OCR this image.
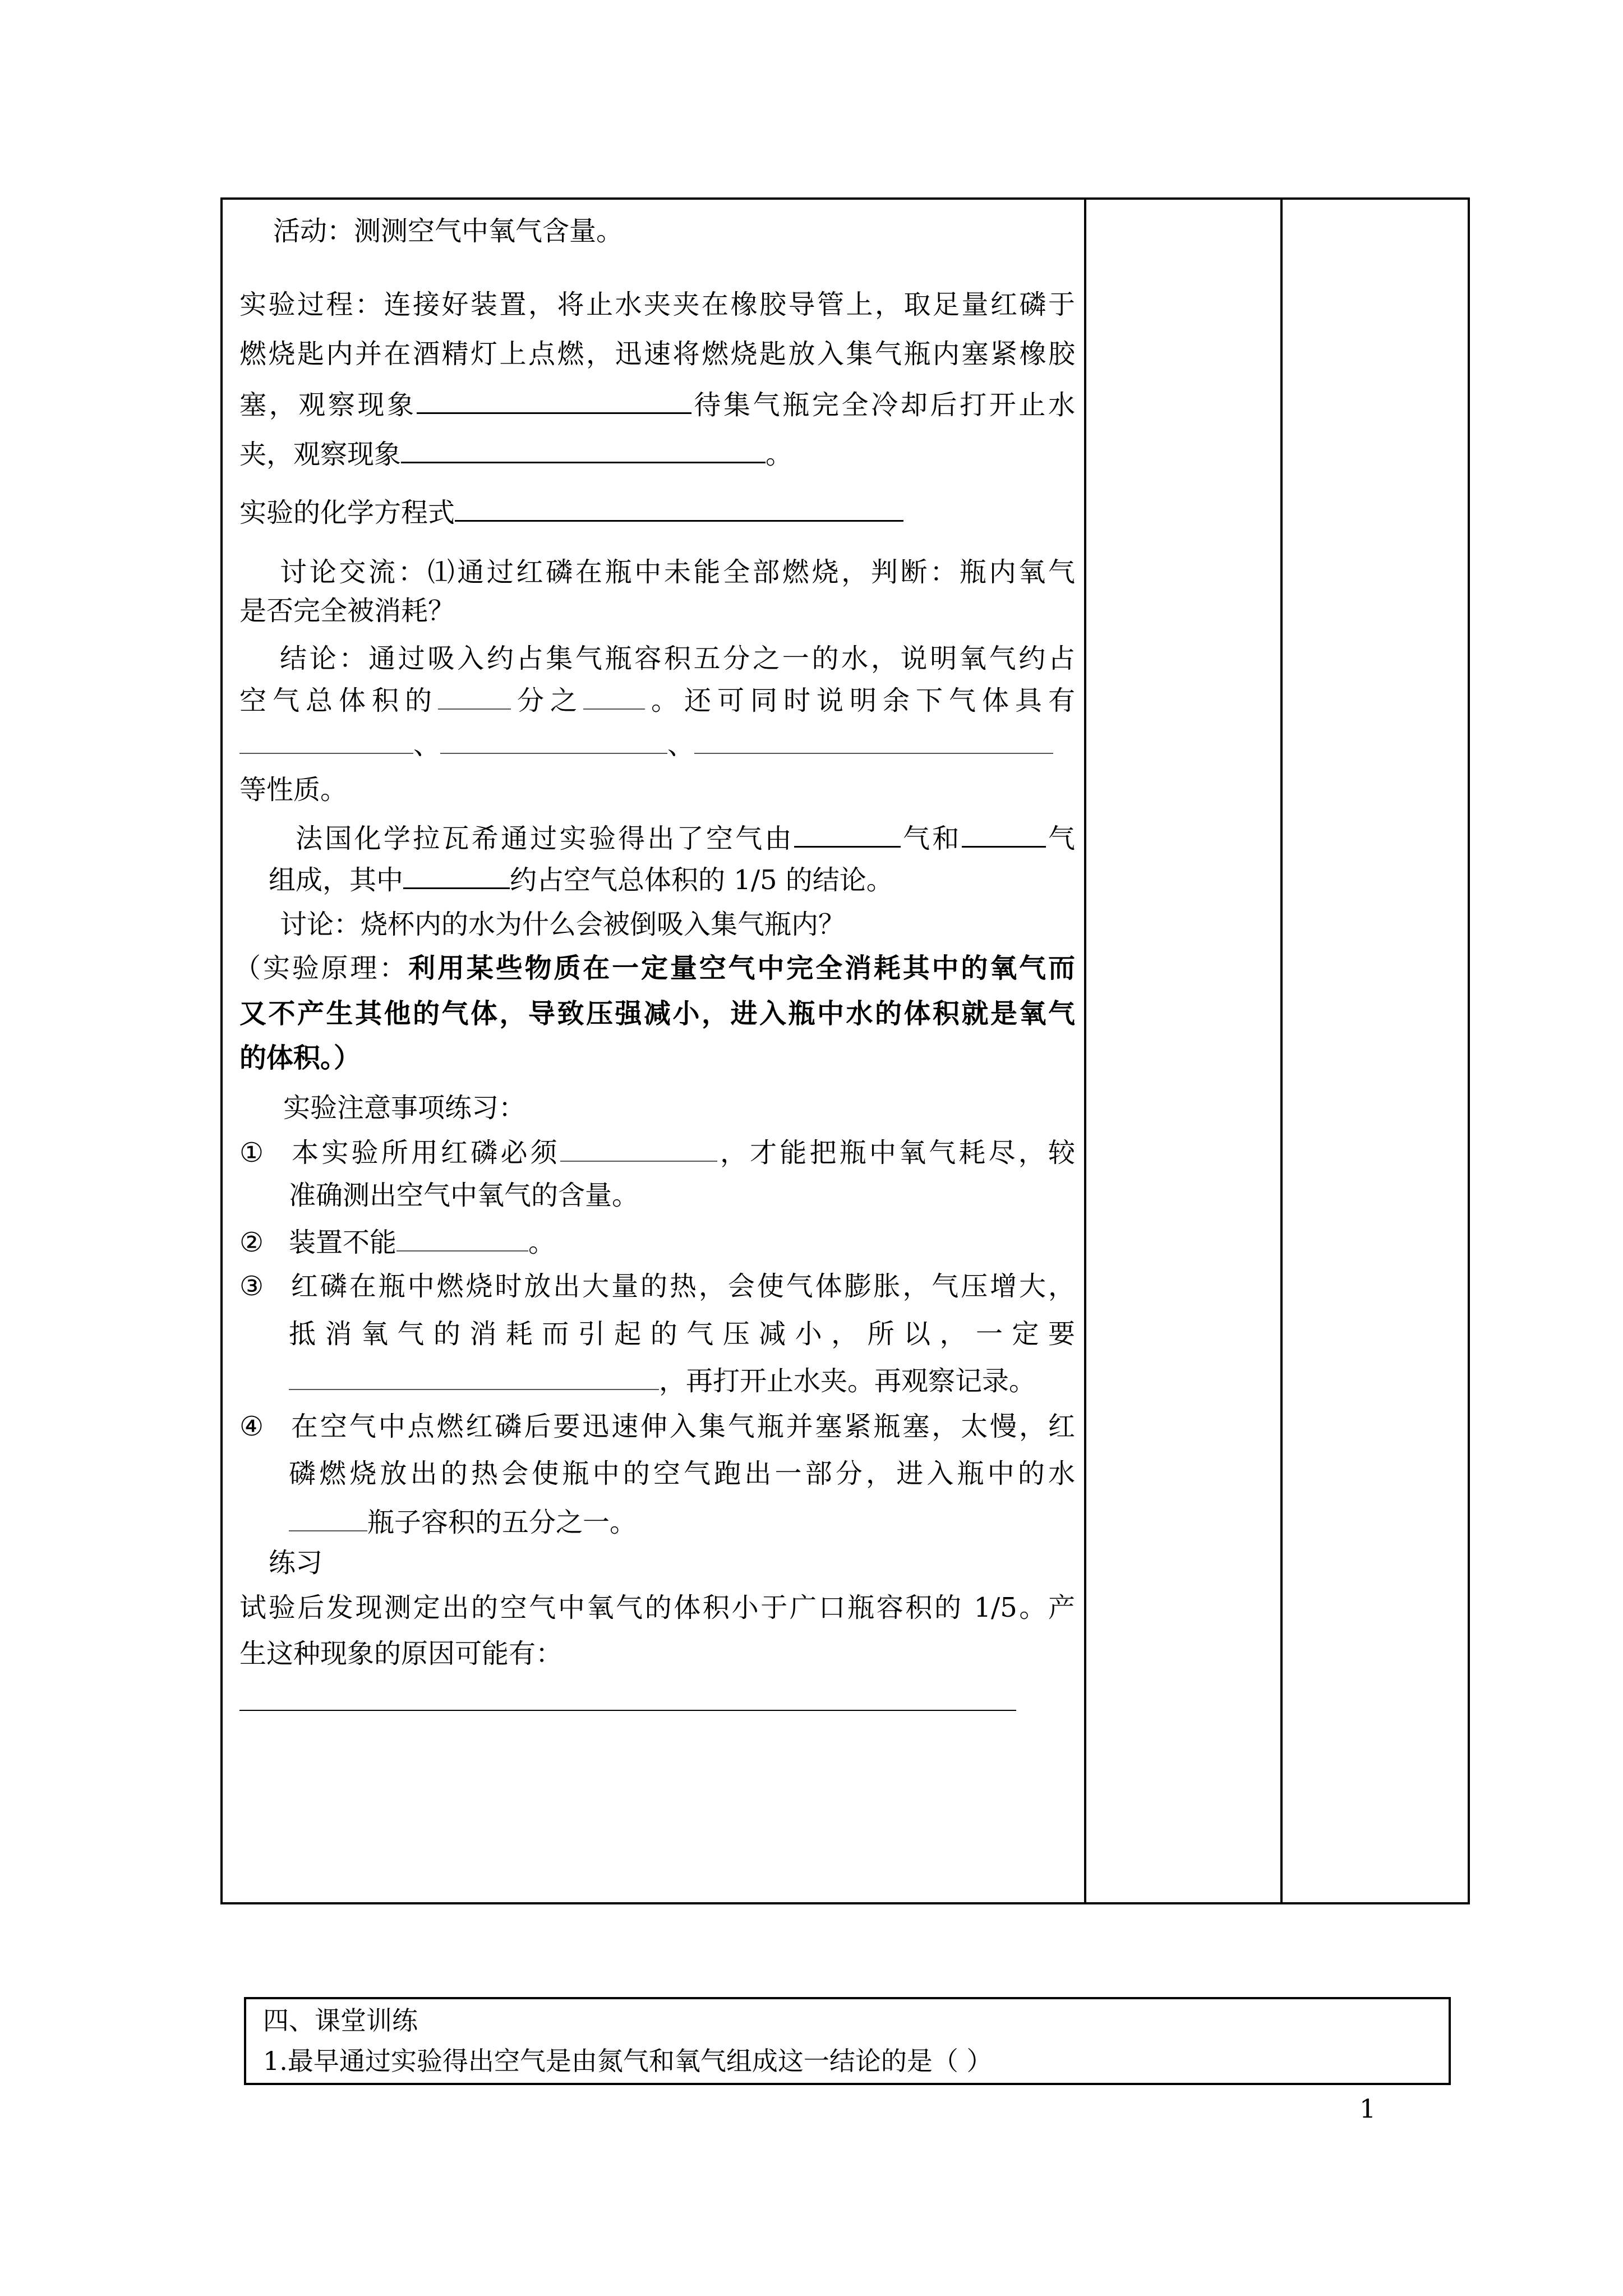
活动：测测空气中氧气含量。
实验过程：连接好装置，将止水夹夹在橡胶导管上，取足量红磷于
燃烧匙内并在酒精灯上点燃，迅速将燃烧匙放入集气瓶内塞紧橡胶
塞，观察现象	待集气瓶完全冷却后打开止水
夹，观察现象	。
实验的化学方程式
讨论交流：⑴通过红磷在瓶中未能全部燃烧，判断：瓶内氧气
是否完全被消耗？
结论：通过吸入约占集气瓶容积五分之一的水，说明氧气约占
空气总体积的	分之 。还可同时说明余下气体具有
、	、
等性质。
法国化学拉瓦希通过实验得出了空气由	气和	气
组成，其中	约占空气总体积的 1/5 的结论。
讨论：烧杯内的水为什么会被倒吸入集气瓶内？
（实验原理：利用某些物质在一定量空气中完全消耗其中的氧气而
又不产生其他的气体，导致压强减小，进入瓶中水的体积就是氧气
的体积。）
实验注意事项练习：
① 本实验所用红磷必须	，才能把瓶中氧气耗尽，较
准确测出空气中氧气的含量。
② 装置不能	。
③ 红磷在瓶中燃烧时放出大量的热，会使气体膨胀，气压增大，
抵消氧气的消耗而引起的气压减小，所以，一定要
，再打开止水夹。再观察记录。
④ 在空气中点燃红磷后要迅速伸入集气瓶并塞紧瓶塞，太慢，红
磷燃烧放出的热会使瓶中的空气跑出一部分，进入瓶中的水
瓶子容积的五分之一。
练习
试验后发现测定出的空气中氧气的体积小于广口瓶容积的 1/5。产
生这种现象的原因可能有：
四、课堂训练
1.最早通过实验得出空气是由氮气和氧气组成这一结论的是（ ）
1
